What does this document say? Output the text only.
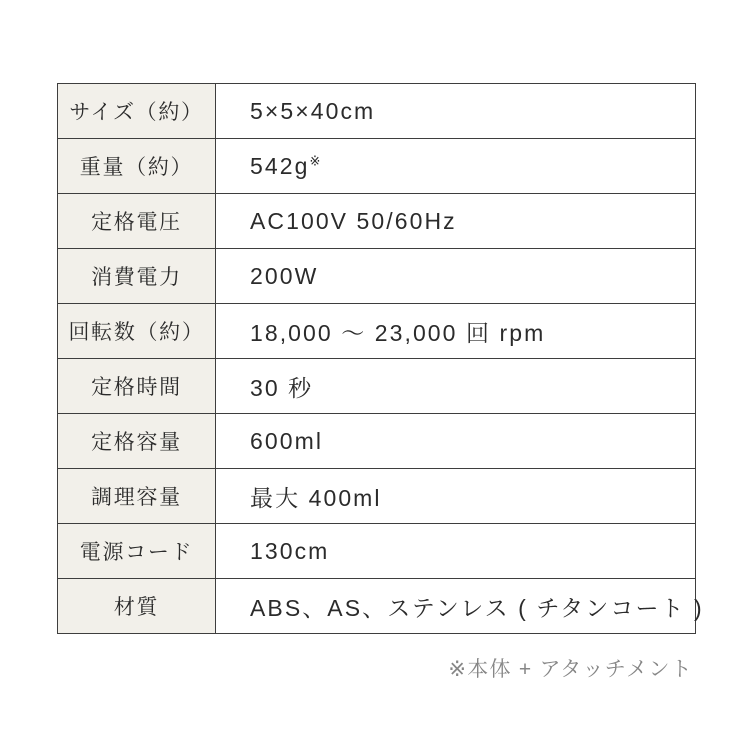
サイズ（約）	5×5×40cm
重量（約）	542g※
定格電圧	AC100V 50/60Hz
消費電力	200W
回転数（約）	18,000 ～ 23,000 回 rpm
定格時間	30 秒
定格容量	600ml
調理容量	最大 400ml
電源コード	130cm
材質	ABS、AS、ステンレス ( チタンコート )
※本体 + アタッチメント
